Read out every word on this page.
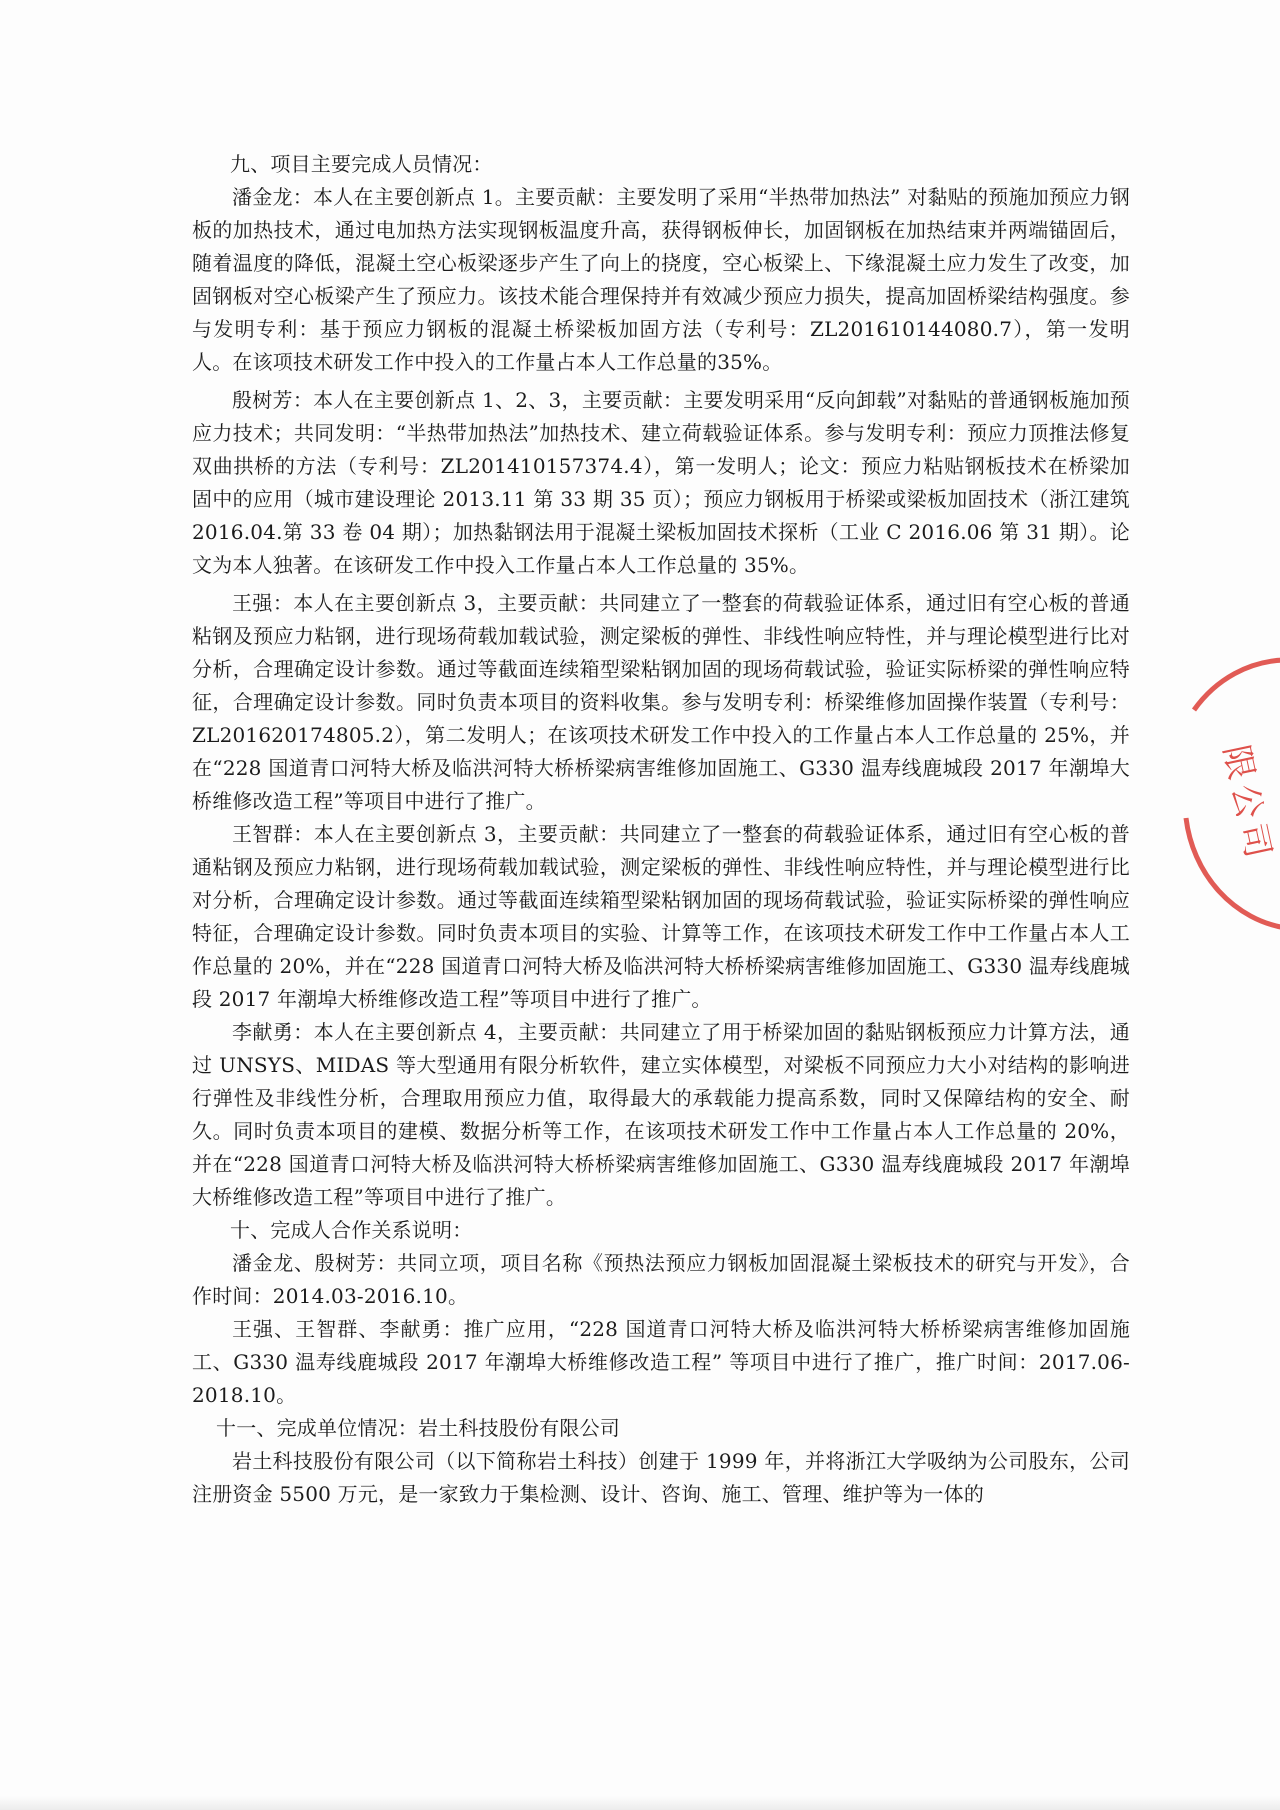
九、项目主要完成人员情况：

潘金龙：本人在主要创新点 1。主要贡献：主要发明了采用“半热带加热法” 对黏贴的预施加预应力钢板的加热技术，通过电加热方法实现钢板温度升高，获得钢板伸长，加固钢板在加热结束并两端锚固后，随着温度的降低，混凝土空心板梁逐步产生了向上的挠度，空心板梁上、下缘混凝土应力发生了改变，加固钢板对空心板梁产生了预应力。该技术能合理保持并有效减少预应力损失，提高加固桥梁结构强度。参与发明专利：基于预应力钢板的混凝土桥梁板加固方法（专利号：ZL201610144080.7），第一发明人。在该项技术研发工作中投入的工作量占本人工作总量的35%。

殷树芳：本人在主要创新点 1、2、3，主要贡献：主要发明采用“反向卸载”对黏贴的普通钢板施加预应力技术；共同发明：“半热带加热法”加热技术、建立荷载验证体系。参与发明专利：预应力顶推法修复双曲拱桥的方法（专利号：ZL201410157374.4），第一发明人；论文：预应力粘贴钢板技术在桥梁加固中的应用（城市建设理论 2013.11 第 33 期 35 页）；预应力钢板用于桥梁或梁板加固技术（浙江建筑 2016.04.第 33 卷 04 期）；加热黏钢法用于混凝土梁板加固技术探析（工业 C 2016.06 第 31 期）。论文为本人独著。在该研发工作中投入工作量占本人工作总量的 35%。

王强：本人在主要创新点 3，主要贡献：共同建立了一整套的荷载验证体系，通过旧有空心板的普通粘钢及预应力粘钢，进行现场荷载加载试验，测定梁板的弹性、非线性响应特性，并与理论模型进行比对分析，合理确定设计参数。通过等截面连续箱型梁粘钢加固的现场荷载试验，验证实际桥梁的弹性响应特征，合理确定设计参数。同时负责本项目的资料收集。参与发明专利：桥梁维修加固操作装置（专利号：ZL201620174805.2），第二发明人；在该项技术研发工作中投入的工作量占本人工作总量的 25%，并在“228 国道青口河特大桥及临洪河特大桥桥梁病害维修加固施工、G330 温寿线鹿城段 2017 年潮埠大桥维修改造工程”等项目中进行了推广。

王智群：本人在主要创新点 3，主要贡献：共同建立了一整套的荷载验证体系，通过旧有空心板的普通粘钢及预应力粘钢，进行现场荷载加载试验，测定梁板的弹性、非线性响应特性，并与理论模型进行比对分析，合理确定设计参数。通过等截面连续箱型梁粘钢加固的现场荷载试验，验证实际桥梁的弹性响应特征，合理确定设计参数。同时负责本项目的实验、计算等工作，在该项技术研发工作中工作量占本人工作总量的 20%，并在“228 国道青口河特大桥及临洪河特大桥桥梁病害维修加固施工、G330 温寿线鹿城段 2017 年潮埠大桥维修改造工程”等项目中进行了推广。

李献勇：本人在主要创新点 4，主要贡献：共同建立了用于桥梁加固的黏贴钢板预应力计算方法，通过 UNSYS、MIDAS 等大型通用有限分析软件，建立实体模型，对梁板不同预应力大小对结构的影响进行弹性及非线性分析，合理取用预应力值，取得最大的承载能力提高系数，同时又保障结构的安全、耐久。同时负责本项目的建模、数据分析等工作，在该项技术研发工作中工作量占本人工作总量的 20%，并在“228 国道青口河特大桥及临洪河特大桥桥梁病害维修加固施工、G330 温寿线鹿城段 2017 年潮埠大桥维修改造工程”等项目中进行了推广。

十、完成人合作关系说明：

潘金龙、殷树芳：共同立项，项目名称《预热法预应力钢板加固混凝土梁板技术的研究与开发》，合作时间：2014.03-2016.10。

王强、王智群、李献勇：推广应用，“228 国道青口河特大桥及临洪河特大桥桥梁病害维修加固施工、G330 温寿线鹿城段 2017 年潮埠大桥维修改造工程” 等项目中进行了推广，推广时间：2017.06-2018.10。

十一、完成单位情况：岩土科技股份有限公司

岩土科技股份有限公司（以下简称岩土科技）创建于 1999 年，并将浙江大学吸纳为公司股东，公司注册资金 5500 万元，是一家致力于集检测、设计、咨询、施工、管理、维护等为一体的

限公司
